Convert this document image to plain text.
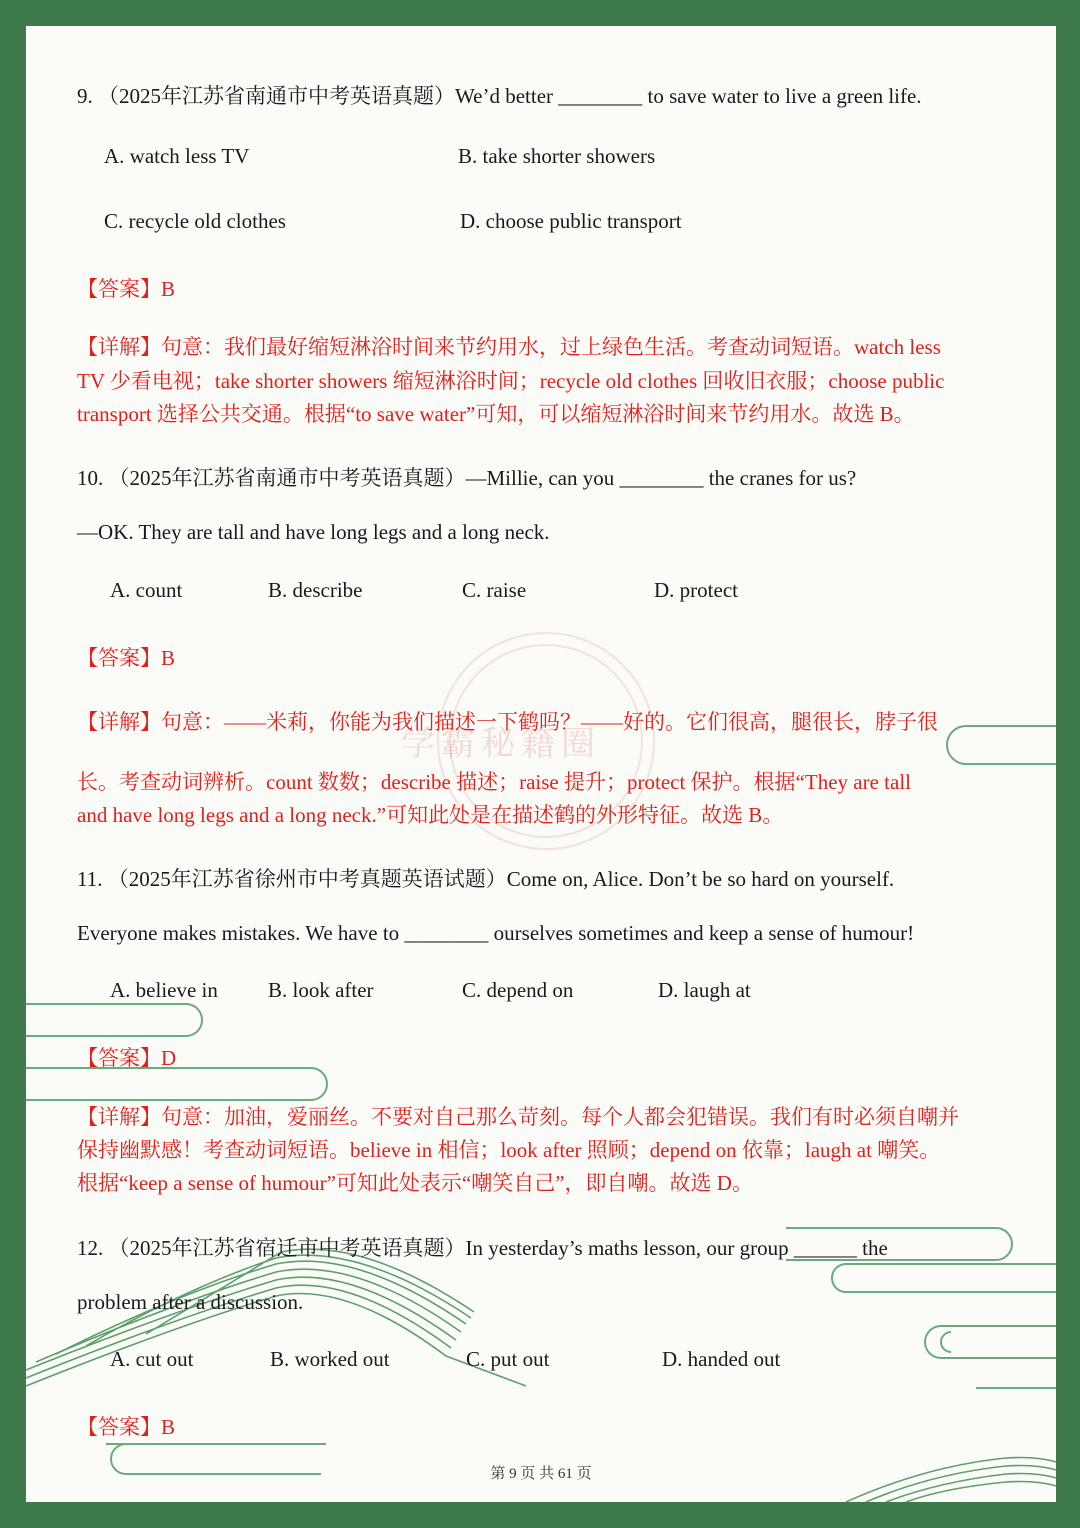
学霸秘籍圈
9. （2025年江苏省南通市中考英语真题）We’d better ________ to save water to live a green life.
A. watch less TV	B. take shorter showers
C. recycle old clothes	D. choose public transport
【答案】B
【详解】句意：我们最好缩短淋浴时间来节约用水，过上绿色生活。考查动词短语。watch less
TV 少看电视；take shorter showers 缩短淋浴时间；recycle old clothes 回收旧衣服；choose public
transport 选择公共交通。根据“to save water”可知，可以缩短淋浴时间来节约用水。故选 B。
10. （2025年江苏省南通市中考英语真题）—Millie, can you ________ the cranes for us?
—OK. They are tall and have long legs and a long neck.
A. count	B. describe	C. raise	D. protect
【答案】B
【详解】句意：——米莉，你能为我们描述一下鹤吗？——好的。它们很高，腿很长，脖子很
长。考查动词辨析。count 数数；describe 描述；raise 提升；protect 保护。根据“They are tall
and have long legs and a long neck.”可知此处是在描述鹤的外形特征。故选 B。
11. （2025年江苏省徐州市中考真题英语试题）Come on, Alice. Don’t be so hard on yourself.
Everyone makes mistakes. We have to ________ ourselves sometimes and keep a sense of humour!
A. believe in B. look after	C. depend on	D. laugh at
【答案】D
【详解】句意：加油，爱丽丝。不要对自己那么苛刻。每个人都会犯错误。我们有时必须自嘲并
保持幽默感！考查动词短语。believe in 相信；look after 照顾；depend on 依靠；laugh at 嘲笑。
根据“keep a sense of humour”可知此处表示“嘲笑自己”，即自嘲。故选 D。
12. （2025年江苏省宿迁市中考英语真题）In yesterday’s maths lesson, our group ______ the
problem after a discussion.
A. cut out	B. worked out	C. put out	D. handed out
【答案】B
第 9 页 共 61 页
